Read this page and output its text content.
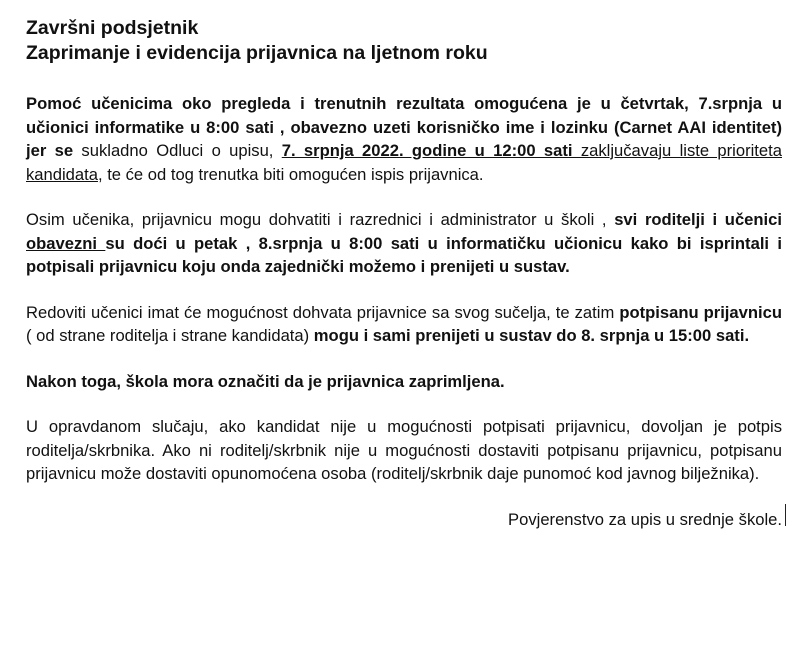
Završni podsjetnik
Zaprimanje i evidencija prijavnica na ljetnom roku

Pomoć učenicima oko pregleda i trenutnih rezultata omogućena je u četvrtak, 7.srpnja u učionici informatike u 8:00 sati , obavezno uzeti korisničko ime i lozinku (Carnet AAI identitet) jer se sukladno Odluci o upisu, 7. srpnja 2022. godine u 12:00 sati zaključavaju liste prioriteta kandidata, te će od tog trenutka biti omogućen ispis prijavnica.

Osim učenika, prijavnicu mogu dohvatiti i razrednici i administrator u školi , svi roditelji i učenici obavezni su doći u petak , 8.srpnja u 8:00 sati u informatičku učionicu kako bi isprintali i potpisali prijavnicu koju onda zajednički možemo i prenijeti u sustav.

Redoviti učenici imat će mogućnost dohvata prijavnice sa svog sučelja, te zatim potpisanu prijavnicu ( od strane roditelja i strane kandidata) mogu i sami prenijeti u sustav do 8. srpnja u 15:00 sati.

Nakon toga, škola mora označiti da je prijavnica zaprimljena.

U opravdanom slučaju, ako kandidat nije u mogućnosti potpisati prijavnicu, dovoljan je potpis roditelja/skrbnika. Ako ni roditelj/skrbnik nije u mogućnosti dostaviti potpisanu prijavnicu, potpisanu prijavnicu može dostaviti opunomoćena osoba (roditelj/skrbnik daje punomoć kod javnog bilježnika).

Povjerenstvo za upis u srednje škole.
